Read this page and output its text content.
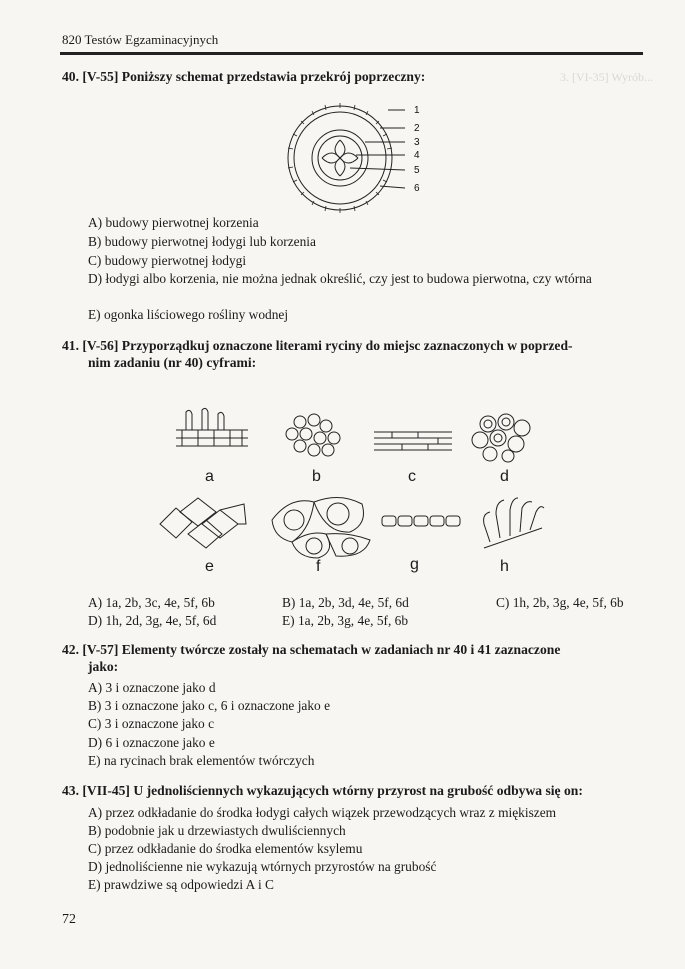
820 Testów Egzaminacyjnych
3. [VI-35] Wyrób...
40. [V-55] Poniższy schemat przedstawia przekrój poprzeczny:
1
2
3
4
5
6
A) budowy pierwotnej korzenia
B) budowy pierwotnej łodygi lub korzenia
C) budowy pierwotnej łodygi
D) łodygi albo korzenia, nie można jednak określić, czy jest to budowa pierwotna, czy wtórna
E) ogonka liściowego rośliny wodnej
41. [V-56] Przyporządkuj oznaczone literami ryciny do miejsc zaznaczonych w poprzed-
nim zadaniu (nr 40) cyframi:
a	b	c	d
e	f	g	h
A) 1a, 2b, 3c, 4e, 5f, 6b	B) 1a, 2b, 3d, 4e, 5f, 6d	C) 1h, 2b, 3g, 4e, 5f, 6b
D) 1h, 2d, 3g, 4e, 5f, 6d	E) 1a, 2b, 3g, 4e, 5f, 6b
42. [V-57] Elementy twórcze zostały na schematach w zadaniach nr 40 i 41 zaznaczone
jako:
A) 3 i oznaczone jako d
B) 3 i oznaczone jako c, 6 i oznaczone jako e
C) 3 i oznaczone jako c
D) 6 i oznaczone jako e
E) na rycinach brak elementów twórczych
43. [VII-45] U jednoliściennych wykazujących wtórny przyrost na grubość odbywa się on:
A) przez odkładanie do środka łodygi całych wiązek przewodzących wraz z miękiszem
B) podobnie jak u drzewiastych dwuliściennych
C) przez odkładanie do środka elementów ksylemu
D) jednoliścienne nie wykazują wtórnych przyrostów na grubość
E) prawdziwe są odpowiedzi A i C
72
